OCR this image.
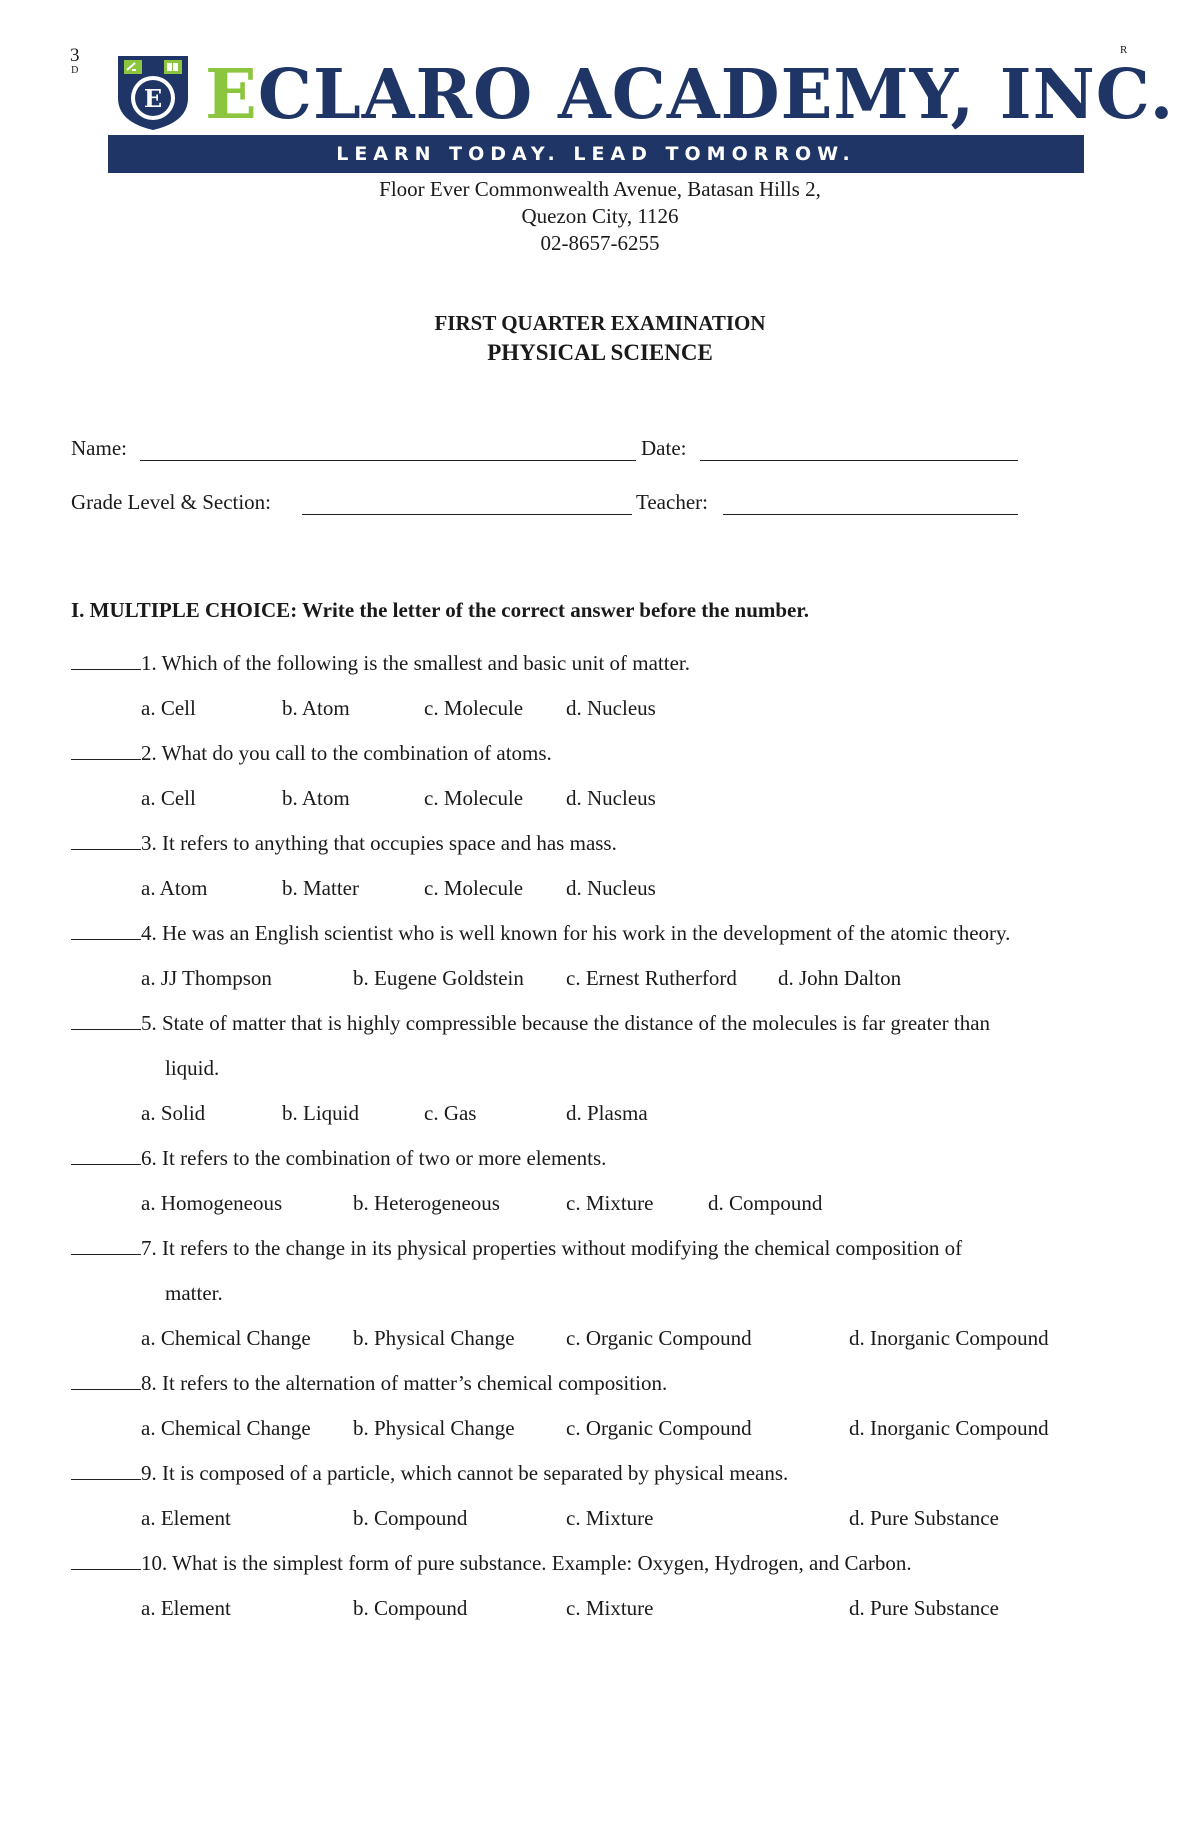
3
D
R
E ECLARO ACADEMY, INC.
LEARN TODAY. LEAD TOMORROW.
Floor Ever Commonwealth Avenue, Batasan Hills 2,
Quezon City, 1126
02-8657-6255
FIRST QUARTER EXAMINATION
PHYSICAL SCIENCE
Name:	Date:
Grade Level & Section:	Teacher:
I. MULTIPLE CHOICE: Write the letter of the correct answer before the number.
1. Which of the following is the smallest and basic unit of matter.
a. Cell	b. Atom	c. Molecule d. Nucleus
2. What do you call to the combination of atoms.
a. Cell	b. Atom	c. Molecule d. Nucleus
3. It refers to anything that occupies space and has mass.
a. Atom	b. Matter	c. Molecule d. Nucleus
4. He was an English scientist who is well known for his work in the development of the atomic theory.
a. JJ Thompson	b. Eugene Goldstein c. Ernest Rutherford d. John Dalton
5. State of matter that is highly compressible because the distance of the molecules is far greater than
liquid.
a. Solid	b. Liquid	c. Gas	d. Plasma
6. It refers to the combination of two or more elements.
a. Homogeneous	b. Heterogeneous	c. Mixture	d. Compound
7. It refers to the change in its physical properties without modifying the chemical composition of
matter.
a. Chemical Change b. Physical Change c. Organic Compound	d. Inorganic Compound
8. It refers to the alternation of matter’s chemical composition.
a. Chemical Change b. Physical Change c. Organic Compound	d. Inorganic Compound
9. It is composed of a particle, which cannot be separated by physical means.
a. Element	b. Compound	c. Mixture	d. Pure Substance
10. What is the simplest form of pure substance. Example: Oxygen, Hydrogen, and Carbon.
a. Element	b. Compound	c. Mixture	d. Pure Substance
